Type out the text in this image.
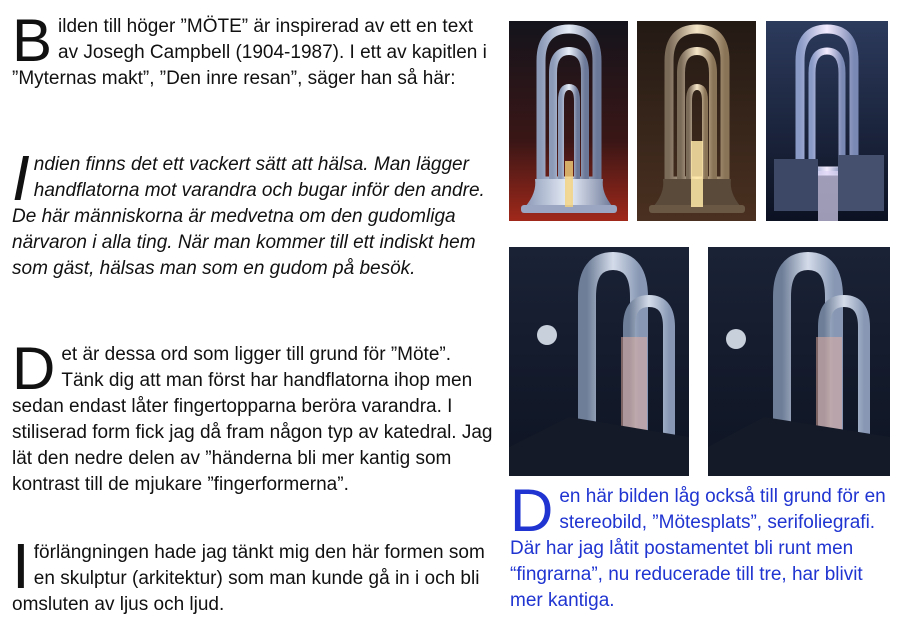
Bilden till höger ”MÖTE” är inspirerad av ett en text av Josegh Campbell (1904-1987). I ett av kapitlen i ”Myternas makt”, ”Den inre resan”, säger han så här:

Indien finns det ett vackert sätt att hälsa. Man lägger handflatorna mot varandra och bugar inför den andre. De här människorna är medvetna om den gudomliga närvaron i alla ting. När man kommer till ett indiskt hem som gäst, hälsas man som en gudom på besök.

Det är dessa ord som ligger till grund för ”Möte”. Tänk dig att man först har handflatorna ihop men sedan endast låter fingertopparna beröra varandra. I stiliserad form fick jag då fram någon typ av katedral. Jag lät den nedre delen av ”händerna bli mer kantig som kontrast till de mjukare ”fingerformerna”.

Iförlängningen hade jag tänkt mig den här formen som en skulptur (arkitektur) som man kunde gå in i och bli omsluten av ljus och ljud.

Den här bilden låg också till grund för en stereobild, ”Mötesplats”, serifoliegrafi. Där har jag låtit postamentet bli runt men “fingrarna”, nu reducerade till tre, har blivit mer kantiga.
